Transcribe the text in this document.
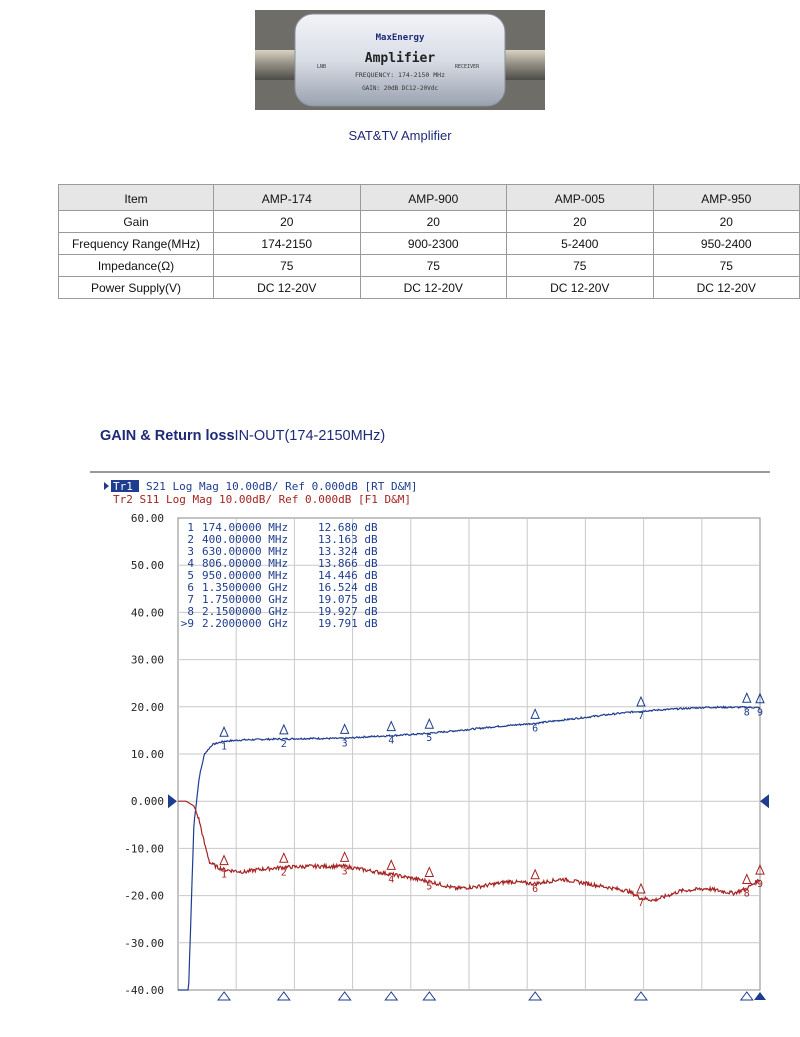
MaxEnergy
Amplifier
FREQUENCY: 174-2150 MHz
GAIN: 20dB DC12-20Vdc
LNB	RECEIVER
SAT&TV Amplifier
Item	AMP-174	AMP-900	AMP-005	AMP-950
Gain	20	20	20	20
Frequency Range(MHz)	174-2150	900-2300	5-2400	950-2400
Impedance(Ω)	75	75	75	75
Power Supply(V)	DC 12-20V	DC 12-20V	DC 12-20V	DC 12-20V
GAIN & Return lossIN-OUT(174-2150MHz)
Tr1 S21 Log Mag 10.00dB/ Ref 0.000dB [RT D&M]
Tr2 S11 Log Mag 10.00dB/ Ref 0.000dB [F1 D&M]
60.00
50.00
40.00
30.00
20.00
10.00
0.000
-10.00
-20.00
-30.00
-40.00
1
1
2
2
3
3
4
4
5
5
6
6
7
7
8
8
9
9
1 174.00000 MHz	12.680 dB
2 400.00000 MHz	13.163 dB
3 630.00000 MHz	13.324 dB
4 806.00000 MHz	13.866 dB
5 950.00000 MHz	14.446 dB
6 1.3500000 GHz	16.524 dB
7 1.7500000 GHz	19.075 dB
8 2.1500000 GHz	19.927 dB
>9 2.2000000 GHz	19.791 dB
